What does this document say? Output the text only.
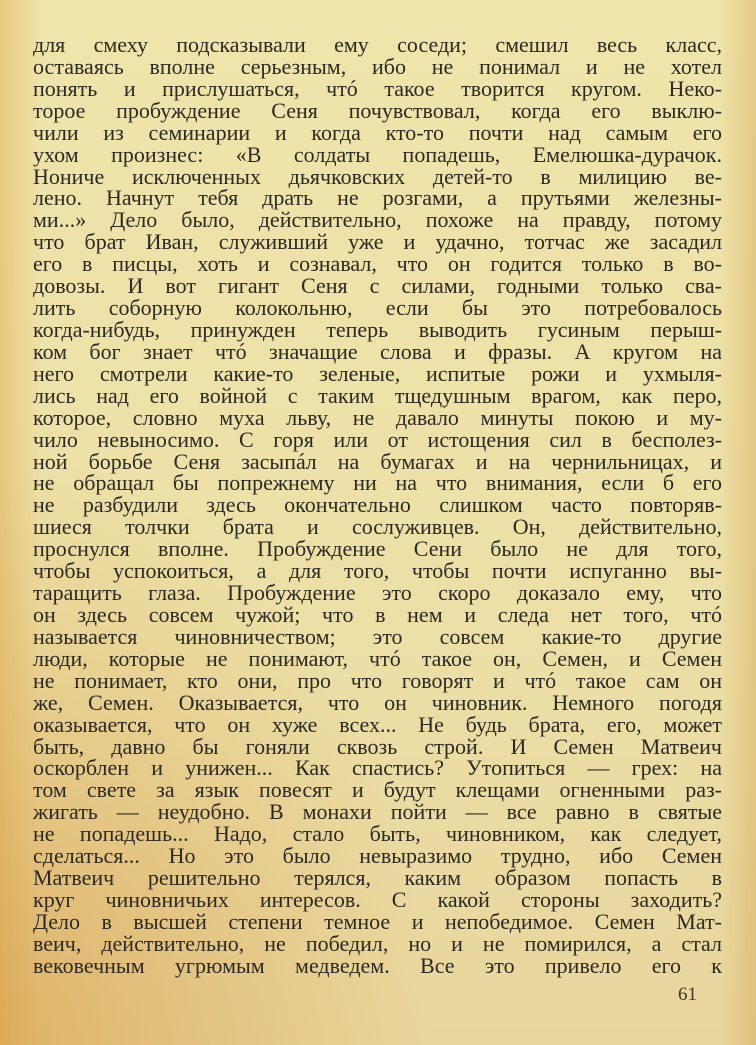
для смеху подсказывали ему соседи; смешил весь класс,
оставаясь вполне серьезным, ибо не понимал и не хотел
понять и прислушаться, чтó такое творится кругом. Неко-
торое пробуждение Сеня почувствовал, когда его выклю-
чили из семинарии и когда кто-то почти над самым его
ухом произнес: «В солдаты попадешь, Емелюшка-дурачок.
Нониче исключенных дьячковских детей-то в милицию ве-
лено. Начнут тебя драть не розгами, а прутьями железны-
ми...» Дело было, действительно, похоже на правду, потому
что брат Иван, служивший уже и удачно, тотчас же засадил
его в писцы, хоть и сознавал, что он годится только в во-
довозы. И вот гигант Сеня с силами, годными только сва-
лить соборную колокольню, если бы это потребовалось
когда-нибудь, принужден теперь выводить гусиным перыш-
ком бог знает чтó значащие слова и фразы. А кругом на
него смотрели какие-то зеленые, испитые рожи и ухмыля-
лись над его войной с таким тщедушным врагом, как перо,
которое, словно муха льву, не давало минуты покою и му-
чило невыносимо. С горя или от истощения сил в бесполез-
ной борьбе Сеня засыпáл на бумагах и на чернильницах, и
не обращал бы попрежнему ни на что внимания, если б его
не разбудили здесь окончательно слишком часто повторяв-
шиеся толчки брата и сослуживцев. Он, действительно,
проснулся вполне. Пробуждение Сени было не для того,
чтобы успокоиться, а для того, чтобы почти испуганно вы-
таращить глаза. Пробуждение это скоро доказало ему, что
он здесь совсем чужой; что в нем и следа нет того, чтó
называется чиновничеством; это совсем какие-то другие
люди, которые не понимают, чтó такое он, Семен, и Семен
не понимает, кто они, про что говорят и чтó такое сам он
же, Семен. Оказывается, что он чиновник. Немного погодя
оказывается, что он хуже всех... Не будь брата, его, может
быть, давно бы гоняли сквозь строй. И Семен Матвеич
оскорблен и унижен... Как спастись? Утопиться — грех: на
том свете за язык повесят и будут клещами огненными раз-
жигать — неудобно. В монахи пойти — все равно в святые
не попадешь... Надо, стало быть, чиновником, как следует,
сделаться... Но это было невыразимо трудно, ибо Семен
Матвеич решительно терялся, каким образом попасть в
круг чиновничьих интересов. С какой стороны заходить?
Дело в высшей степени темное и непобедимое. Семен Мат-
веич, действительно, не победил, но и не помирился, а стал
вековечным угрюмым медведем. Все это привело его к
61
